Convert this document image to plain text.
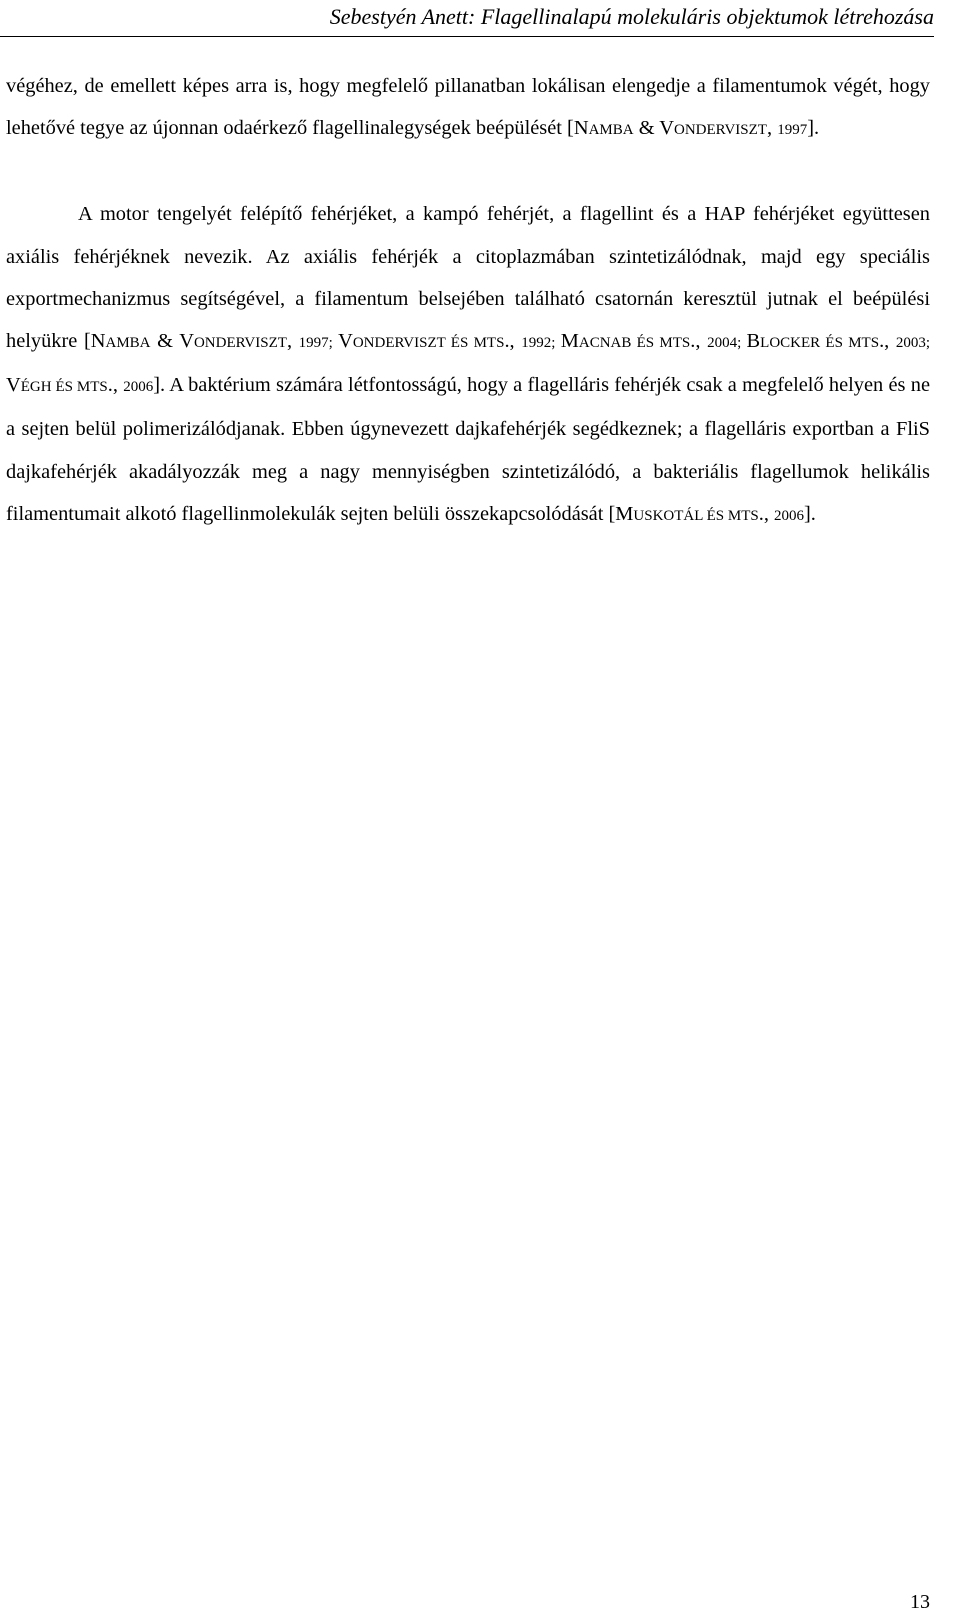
Sebestyén Anett: Flagellinalapú molekuláris objektumok létrehozása

végéhez, de emellett képes arra is, hogy megfelelő pillanatban lokálisan elengedje a filamentumok végét, hogy lehetővé tegye az újonnan odaérkező flagellinalegységek beépülését [NAMBA & VONDERVISZT, 1997].

A motor tengelyét felépítő fehérjéket, a kampó fehérjét, a flagellint és a HAP fehérjéket együttesen axiális fehérjéknek nevezik. Az axiális fehérjék a citoplazmában szintetizálódnak, majd egy speciális exportmechanizmus segítségével, a filamentum belsejében található csatornán keresztül jutnak el beépülési helyükre [NAMBA & VONDERVISZT, 1997; VONDERVISZT ÉS MTS., 1992; MACNAB ÉS MTS., 2004; BLOCKER ÉS MTS., 2003; VÉGH ÉS MTS., 2006]. A baktérium számára létfontosságú, hogy a flagelláris fehérjék csak a megfelelő helyen és ne a sejten belül polimerizálódjanak. Ebben úgynevezett dajkafehérjék segédkeznek; a flagelláris exportban a FliS dajkafehérjék akadályozzák meg a nagy mennyiségben szintetizálódó, a bakteriális flagellumok helikális filamentumait alkotó flagellinmolekulák sejten belüli összekapcsolódását [MUSKOTÁL ÉS MTS., 2006].

13
